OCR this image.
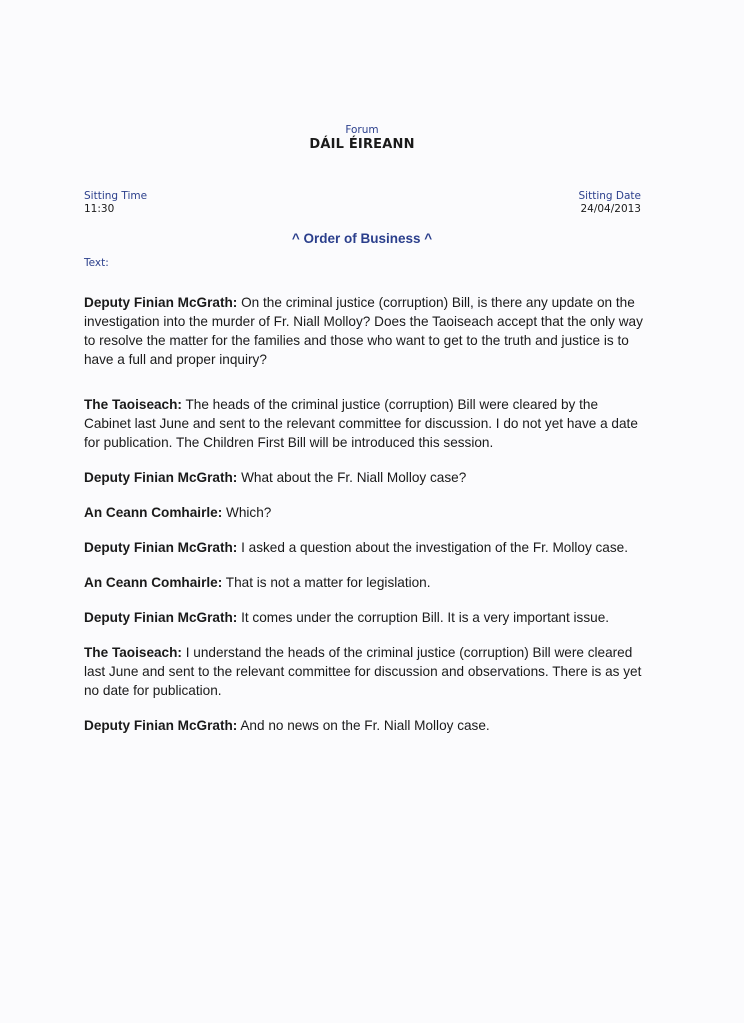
Forum
DÁIL ÉIREANN
Sitting Time
11:30
Sitting Date
24/04/2013
^ Order of Business ^
Text:

Deputy Finian McGrath: On the criminal justice (corruption) Bill, is there any update on the investigation into the murder of Fr. Niall Molloy? Does the Taoiseach accept that the only way to resolve the matter for the families and those who want to get to the truth and justice is to have a full and proper inquiry?

The Taoiseach: The heads of the criminal justice (corruption) Bill were cleared by the Cabinet last June and sent to the relevant committee for discussion. I do not yet have a date for publication. The Children First Bill will be introduced this session.

Deputy Finian McGrath: What about the Fr. Niall Molloy case?

An Ceann Comhairle: Which?

Deputy Finian McGrath: I asked a question about the investigation of the Fr. Molloy case.

An Ceann Comhairle: That is not a matter for legislation.

Deputy Finian McGrath: It comes under the corruption Bill. It is a very important issue.

The Taoiseach: I understand the heads of the criminal justice (corruption) Bill were cleared last June and sent to the relevant committee for discussion and observations. There is as yet no date for publication.

Deputy Finian McGrath: And no news on the Fr. Niall Molloy case.
